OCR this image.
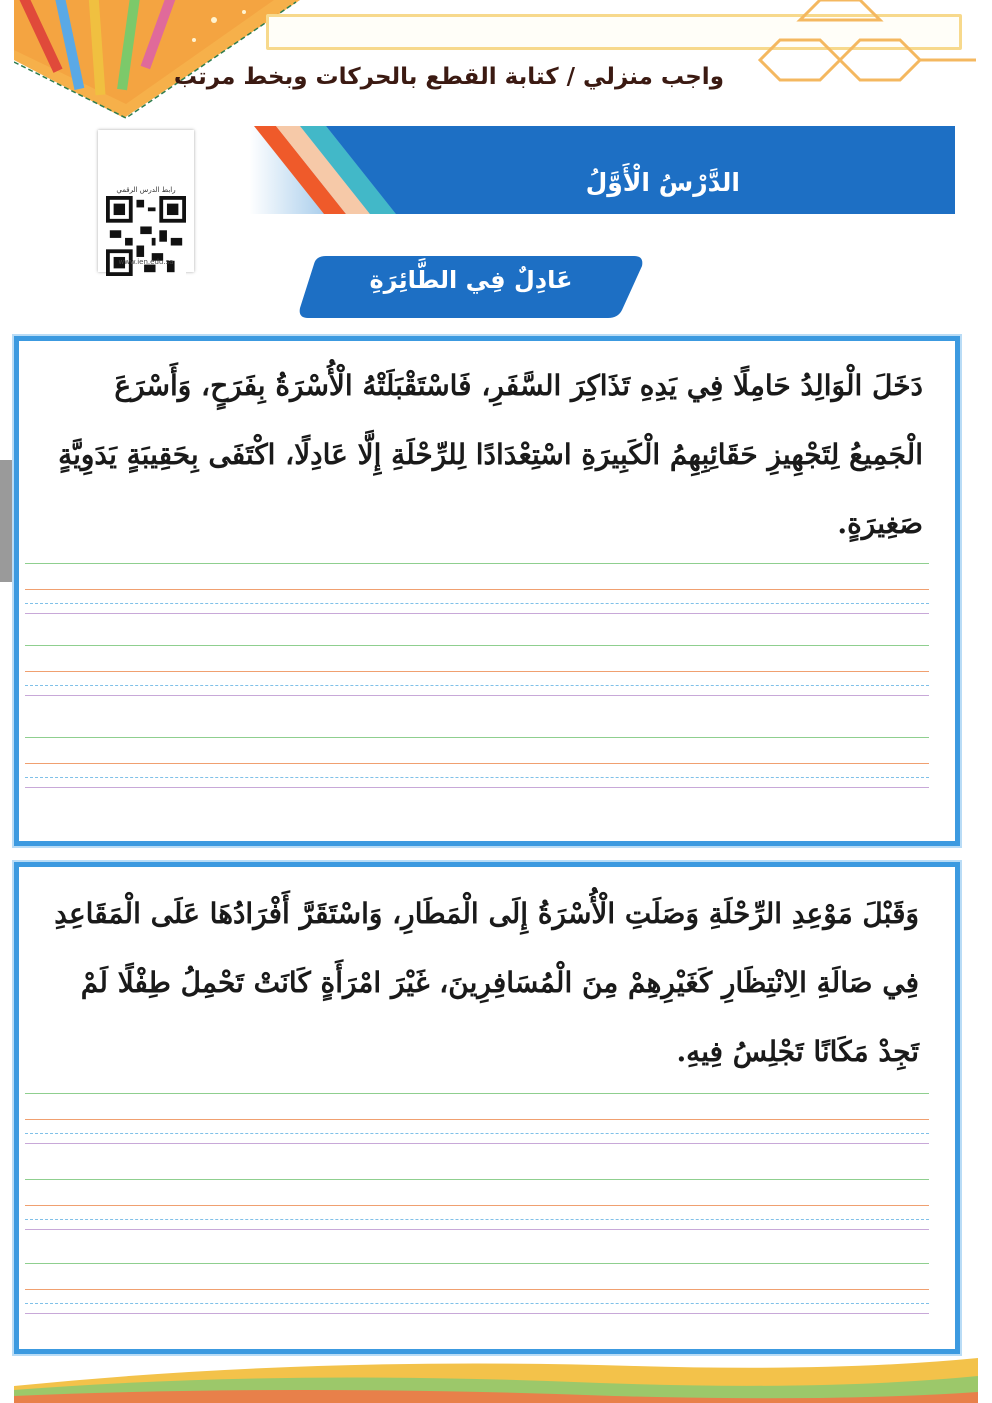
واجب منزلي / كتابة القطع بالحركات وبخط مرتب
الدَّرْسُ الْأَوَّلُ
رابط الدرس الرقمي
www.ien.edu.sa
عَادِلٌ فِي الطَّائِرَةِ
دَخَلَ الْوَالِدُ حَامِلًا فِي يَدِهِ تَذَاكِرَ السَّفَرِ، فَاسْتَقْبَلَتْهُ الْأُسْرَةُ بِفَرَحٍ، وَأَسْرَعَ الْجَمِيعُ لِتَجْهِيزِ حَقَائِبِهِمُ الْكَبِيرَةِ اسْتِعْدَادًا لِلرِّحْلَةِ إِلَّا عَادِلًا، اكْتَفَى بِحَقِيبَةٍ يَدَوِيَّةٍ صَغِيرَةٍ.
وَقَبْلَ مَوْعِدِ الرِّحْلَةِ وَصَلَتِ الْأُسْرَةُ إِلَى الْمَطَارِ، وَاسْتَقَرَّ أَفْرَادُهَا عَلَى الْمَقَاعِدِ فِي صَالَةِ الِانْتِظَارِ كَغَيْرِهِمْ مِنَ الْمُسَافِرِينَ، غَيْرَ امْرَأَةٍ كَانَتْ تَحْمِلُ طِفْلًا لَمْ تَجِدْ مَكَانًا تَجْلِسُ فِيهِ.
